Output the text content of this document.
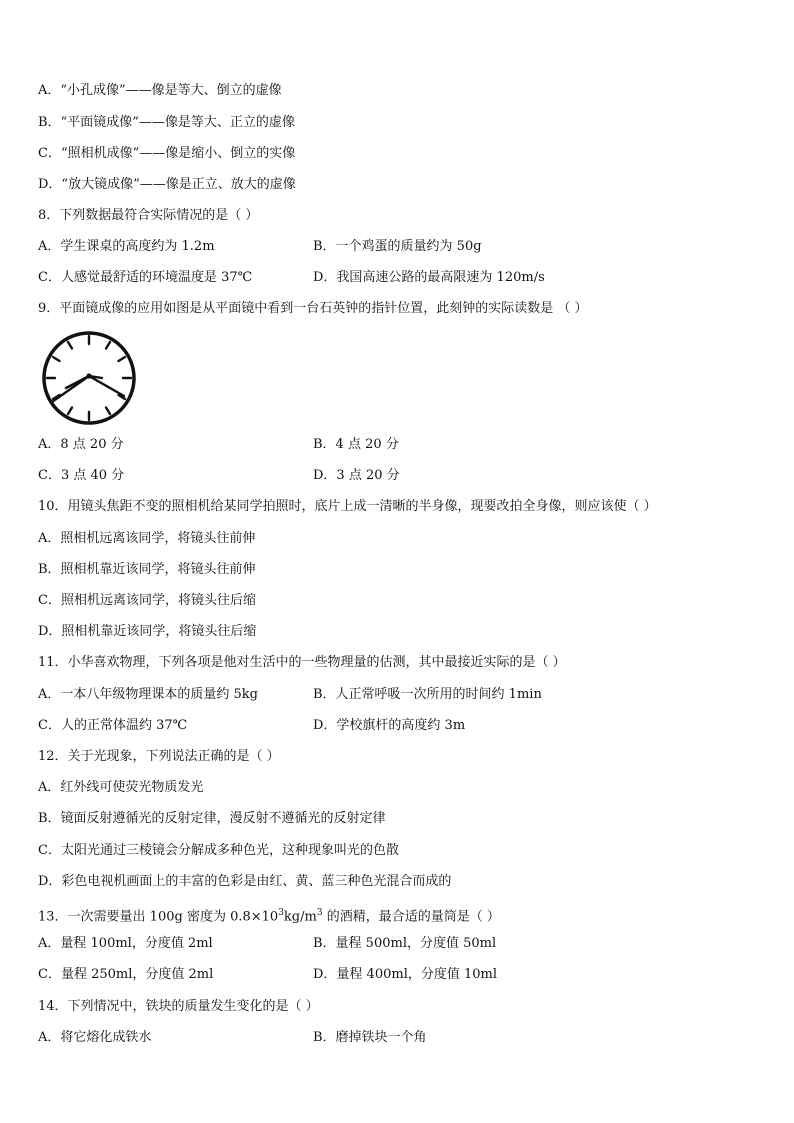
A．“小孔成像”——像是等大、倒立的虚像
B．“平面镜成像”——像是等大、正立的虚像
C．“照相机成像”——像是缩小、倒立的实像
D．“放大镜成像”——像是正立、放大的虚像
8．下列数据最符合实际情况的是（ ）
A．学生课桌的高度约为 1.2m	B．一个鸡蛋的质量约为 50g
C．人感觉最舒适的环境温度是 37℃	D．我国高速公路的最高限速为 120m/s
9．平面镜成像的应用如图是从平面镜中看到一台石英钟的指针位置，此刻钟的实际读数是 （ ）
A．8 点 20 分	B．4 点 20 分
C．3 点 40 分	D．3 点 20 分
10．用镜头焦距不变的照相机给某同学拍照时，底片上成一清晰的半身像，现要改拍全身像，则应该使（ ）
A．照相机远离该同学，将镜头往前伸
B．照相机靠近该同学，将镜头往前伸
C．照相机远离该同学，将镜头往后缩
D．照相机靠近该同学，将镜头往后缩
11．小华喜欢物理，下列各项是他对生活中的一些物理量的估测，其中最接近实际的是（ ）
A．一本八年级物理课本的质量约 5kg	B．人正常呼吸一次所用的时间约 1min
C．人的正常体温约 37℃	D．学校旗杆的高度约 3m
12．关于光现象，下列说法正确的是（ ）
A．红外线可使荧光物质发光
B．镜面反射遵循光的反射定律，漫反射不遵循光的反射定律
C．太阳光通过三棱镜会分解成多种色光，这种现象叫光的色散
D．彩色电视机画面上的丰富的色彩是由红、黄、蓝三种色光混合而成的
13．一次需要量出 100g 密度为 $0.8\times 10^3kg/m^3$ 的酒精，最合适的量筒是（ ）
A．量程 100ml，分度值 2ml	B．量程 500ml，分度值 50ml
C．量程 250ml，分度值 2ml	D．量程 400ml，分度值 10ml
14．下列情况中，铁块的质量发生变化的是（ ）
A．将它熔化成铁水	B．磨掉铁块一个角
